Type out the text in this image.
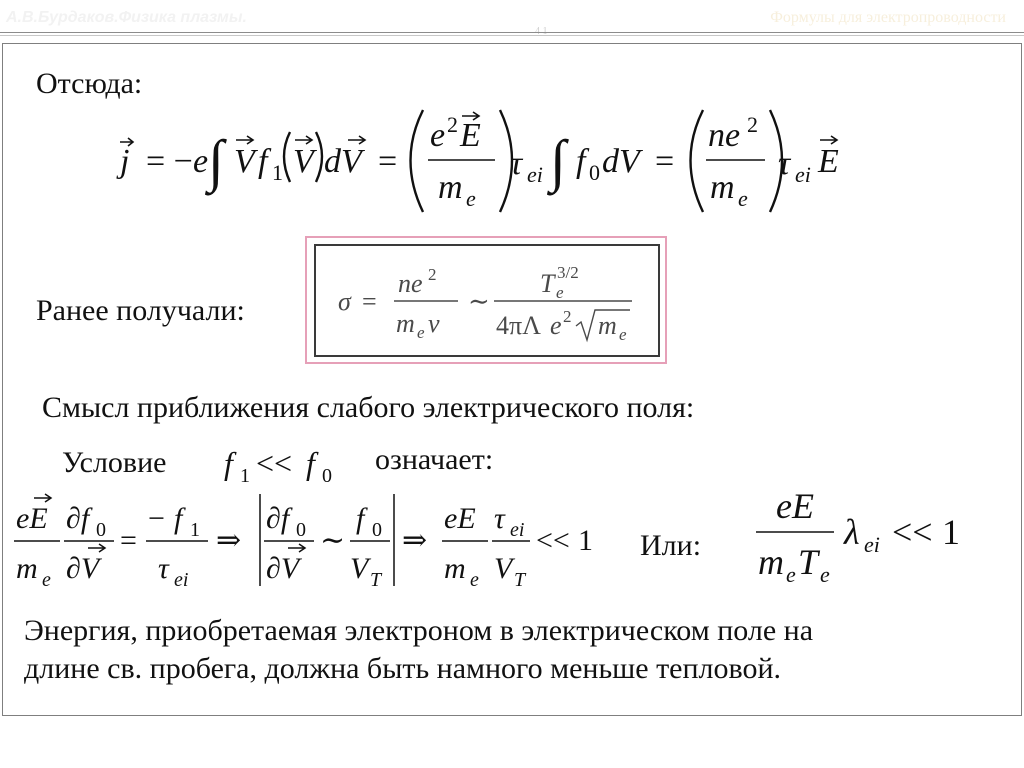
А.В.Бурдаков.Физика плазмы.	Формулы для электропроводности
Отсюда:
j = − e ∫ V f 1 V dV =
e 2 E
m e
τ ei ∫ f 0 dV =
ne 2
m e
τ ei E
Ранее получали:	σ =
ne 2
m e ν
∼
T e
3/2
4πΛ e 2 m e
Смысл приближения слабого электрического поля:
Условие f 1 << f 0 означает:
eE
m e
∂f 0
∂V
=
− f 1
τ ei
⇒
∂f 0
∂V
∼
f 0
V T
⇒
eE
m e
τ ei
V T
<< 1 Или:
eE
m e T e
λ ei << 1
Энергия, приобретаемая электроном в электрическом поле на
длине св. пробега, должна быть намного меньше тепловой.
